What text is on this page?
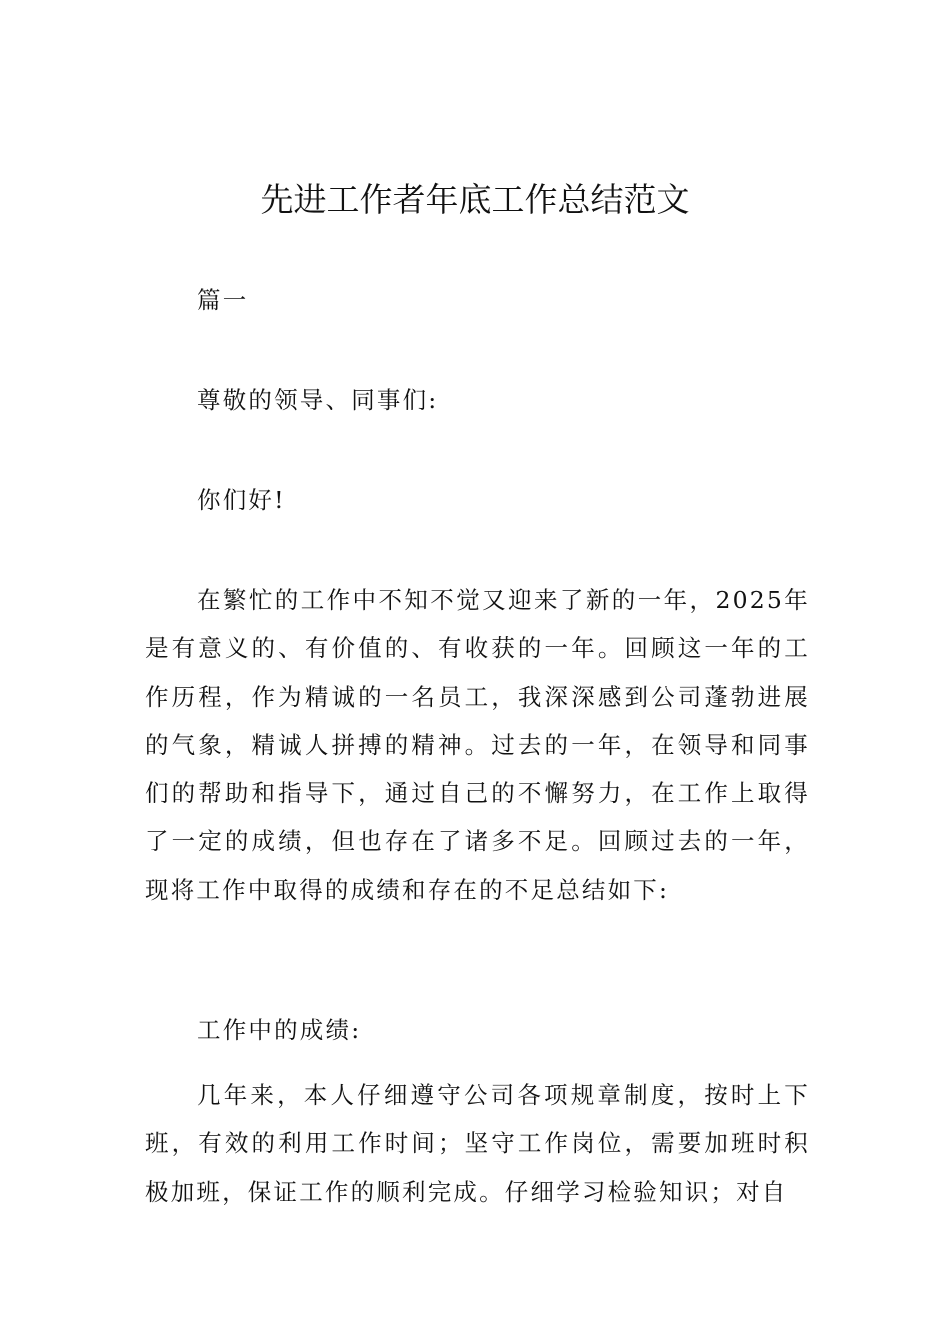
先进工作者年底工作总结范文

篇一

尊敬的领导、同事们:

你们好!

在繁忙的工作中不知不觉又迎来了新的一年，2025年是有意义的、有价值的、有收获的一年。回顾这一年的工作历程，作为精诚的一名员工，我深深感到公司蓬勃进展的气象，精诚人拼搏的精神。过去的一年，在领导和同事们的帮助和指导下，通过自己的不懈努力，在工作上取得了一定的成绩，但也存在了诸多不足。回顾过去的一年，现将工作中取得的成绩和存在的不足总结如下:

工作中的成绩:

几年来，本人仔细遵守公司各项规章制度，按时上下班，有效的利用工作时间；坚守工作岗位，需要加班时积极加班，保证工作的顺利完成。仔细学习检验知识；对自
